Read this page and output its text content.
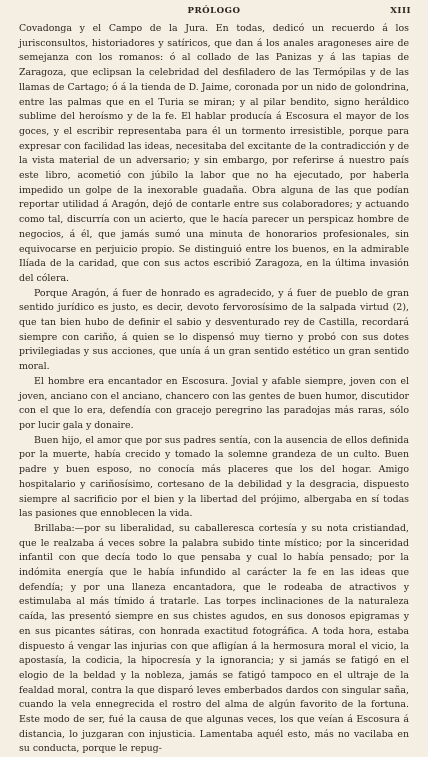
PRÓLOGO	XIII

Covadonga y el Campo de la Jura. En todas, dedicó un recuerdo á los jurisconsultos, historiadores y satíricos, que dan á los anales aragoneses aire de semejanza con los romanos: ó al collado de las Panizas y á las tapias de Zaragoza, que eclipsan la celebridad del desfiladero de las Termópilas y de las llamas de Cartago; ó á la tienda de D. Jaime, coronada por un nido de golondrina, entre las palmas que en el Turia se miran; y al pilar bendito, signo heráldico sublime del heroísmo y de la fe. El hablar producía á Escosura el mayor de los goces, y el escribir representaba para él un tormento irresistible, porque para expresar con facilidad las ideas, necesitaba del excitante de la contradicción y de la vista material de un adversario; y sin embargo, por referirse á nuestro país este libro, acometió con júbilo la labor que no ha ejecutado, por haberla impedido un golpe de la inexorable guadaña. Obra alguna de las que podían reportar utilidad á Aragón, dejó de contarle entre sus colaboradores; y actuando como tal, discurría con un acierto, que le hacía parecer un perspicaz hombre de negocios, á él, que jamás sumó una minuta de honorarios profesionales, sin equivocarse en perjuicio propio. Se distinguió entre los buenos, en la admirable Ilíada de la caridad, que con sus actos escribió Zaragoza, en la última invasión del cólera.

Porque Aragón, á fuer de honrado es agradecido, y á fuer de pueblo de gran sentido jurídico es justo, es decir, devoto fervorosísimo de la salpada virtud (2), que tan bien hubo de definir el sabio y desventurado rey de Castilla, recordará siempre con cariño, á quien se lo dispensó muy tierno y probó con sus dotes privilegiadas y sus acciones, que unía á un gran sentido estético un gran sentido moral.

El hombre era encantador en Escosura. Jovial y afable siempre, joven con el joven, anciano con el anciano, chancero con las gentes de buen humor, discutidor con el que lo era, defendía con gracejo peregrino las paradojas más raras, sólo por lucir gala y donaire.

Buen hijo, el amor que por sus padres sentía, con la ausencia de ellos definida por la muerte, había crecido y tomado la solemne grandeza de un culto. Buen padre y buen esposo, no conocía más placeres que los del hogar. Amigo hospitalario y cariñosísimo, cortesano de la debilidad y la desgracia, dispuesto siempre al sacrificio por el bien y la libertad del prójimo, albergaba en sí todas las pasiones que ennoblecen la vida.

Brillaba:—por su liberalidad, su caballeresca cortesía y su nota cristiandad, que le realzaba á veces sobre la palabra subido tinte místico; por la sinceridad infantil con que decía todo lo que pensaba y cual lo había pensado; por la indómita energía que le había infundido al carácter la fe en las ideas que defendía; y por una llaneza encantadora, que le rodeaba de atractivos y estimulaba al más tímido á tratarle. Las torpes inclinaciones de la naturaleza caída, las presentó siempre en sus chistes agudos, en sus donosos epigramas y en sus picantes sátiras, con honrada exactitud fotográfica. A toda hora, estaba dispuesto á vengar las injurias con que afligían á la hermosura moral el vicio, la apostasía, la codicia, la hipocresía y la ignorancia; y si jamás se fatigó en el elogio de la beldad y la nobleza, jamás se fatigó tampoco en el ultraje de la fealdad moral, contra la que disparó leves emberbados dardos con singular saña, cuando la vela ennegrecida el rostro del alma de algún favorito de la fortuna. Este modo de ser, fué la causa de que algunas veces, los que veían á Escosura á distancia, lo juzgaran con injusticia. Lamentaba aquél esto, más no vacilaba en su conducta, porque le repug-
